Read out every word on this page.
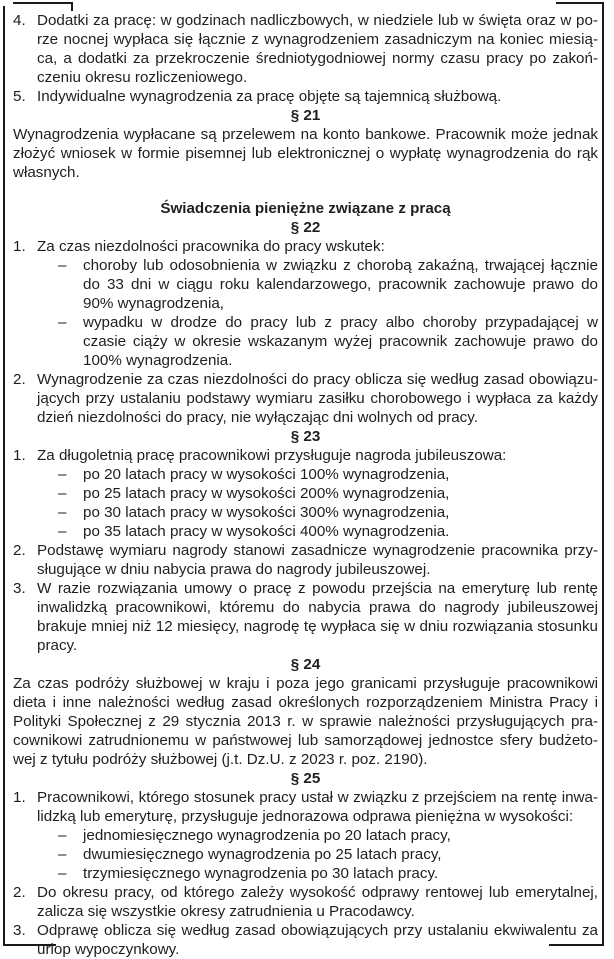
4. Dodatki za pracę: w godzinach nadliczbowych, w niedziele lub w święta oraz w porze nocnej wypłaca się łącznie z wynagrodzeniem zasadniczym na koniec miesiąca, a dodatki za przekroczenie średniotygodniowej normy czasu pracy po zakończeniu okresu rozliczeniowego.
5. Indywidualne wynagrodzenia za pracę objęte są tajemnicą służbową.
§ 21
Wynagrodzenia wypłacane są przelewem na konto bankowe. Pracownik może jednak złożyć wniosek w formie pisemnej lub elektronicznej o wypłatę wynagrodzenia do rąk własnych.
Świadczenia pieniężne związane z pracą
§ 22
1. Za czas niezdolności pracownika do pracy wskutek:
–	choroby lub odosobnienia w związku z chorobą zakaźną, trwającej łącznie do 33 dni w ciągu roku kalendarzowego, pracownik zachowuje prawo do 90% wynagrodzenia,
–	wypadku w drodze do pracy lub z pracy albo choroby przypadającej w czasie ciąży w okresie wskazanym wyżej pracownik zachowuje prawo do 100% wynagrodzenia.
2. Wynagrodzenie za czas niezdolności do pracy oblicza się według zasad obowiązujących przy ustalaniu podstawy wymiaru zasiłku chorobowego i wypłaca za każdy dzień niezdolności do pracy, nie wyłączając dni wolnych od pracy.
§ 23
1. Za długoletnią pracę pracownikowi przysługuje nagroda jubileuszowa:
–	po 20 latach pracy w wysokości 100% wynagrodzenia,
–	po 25 latach pracy w wysokości 200% wynagrodzenia,
–	po 30 latach pracy w wysokości 300% wynagrodzenia,
–	po 35 latach pracy w wysokości 400% wynagrodzenia.
2. Podstawę wymiaru nagrody stanowi zasadnicze wynagrodzenie pracownika przysługujące w dniu nabycia prawa do nagrody jubileuszowej.
3. W razie rozwiązania umowy o pracę z powodu przejścia na emeryturę lub rentę inwalidzką pracownikowi, któremu do nabycia prawa do nagrody jubileuszowej brakuje mniej niż 12 miesięcy, nagrodę tę wypłaca się w dniu rozwiązania stosunku pracy.
§ 24
Za czas podróży służbowej w kraju i poza jego granicami przysługuje pracownikowi dieta i inne należności według zasad określonych rozporządzeniem Ministra Pracy i Polityki Społecznej z 29 stycznia 2013 r. w sprawie należności przysługujących pracownikowi zatrudnionemu w państwowej lub samorządowej jednostce sfery budżetowej z tytułu podróży służbowej (j.t. Dz.U. z 2023 r. poz. 2190).
§ 25
1. Pracownikowi, którego stosunek pracy ustał w związku z przejściem na rentę inwalidzką lub emeryturę, przysługuje jednorazowa odprawa pieniężna w wysokości:
–	jednomiesięcznego wynagrodzenia po 20 latach pracy,
–	dwumiesięcznego wynagrodzenia po 25 latach pracy,
–	trzymiesięcznego wynagrodzenia po 30 latach pracy.
2. Do okresu pracy, od którego zależy wysokość odprawy rentowej lub emerytalnej, zalicza się wszystkie okresy zatrudnienia u Pracodawcy.
3. Odprawę oblicza się według zasad obowiązujących przy ustalaniu ekwiwalentu za urlop wypoczynkowy.
